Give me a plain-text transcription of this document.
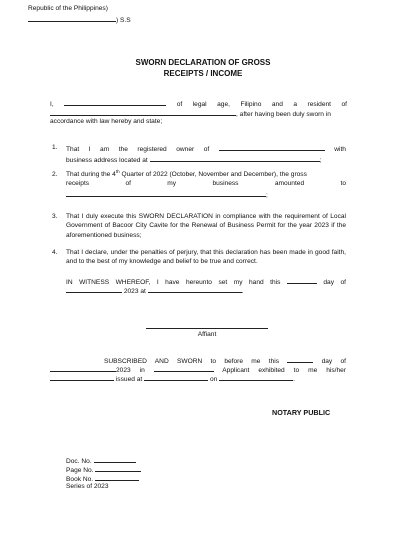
Republic of the Philippines)
) S.S
SWORN DECLARATION OF GROSS
RECEIPTS / INCOME
I,	of legal age, Filipino and a resident of
, after having been duly sworn in
accordance with law hereby and state;
1. That I am the registered owner of	with
business address located at	;
2. That during the 4th Quarter of 2022 (October, November and December), the gross
receipts of my business amounted to
;
3. That I duly execute this SWORN DECLARATION in compliance with the requirement of Local Government of Bacoor City Cavite for the Renewal of Business Permit for the year 2023 if the aforementioned business;
4. That I declare, under the penalties of perjury, that this declaration has been made in good faith, and to the best of my knowledge and belief to be true and correct.
IN WITNESS WHEREOF, I have hereunto set my hand this	day of
2023 at	.
Affiant
SUBSCRIBED AND SWORN to before me this	day of
2023 in	Applicant exhibited to me his/her
issued at	on	.
NOTARY PUBLIC
Doc. No.
Page No.
Book No.
Series of 2023
